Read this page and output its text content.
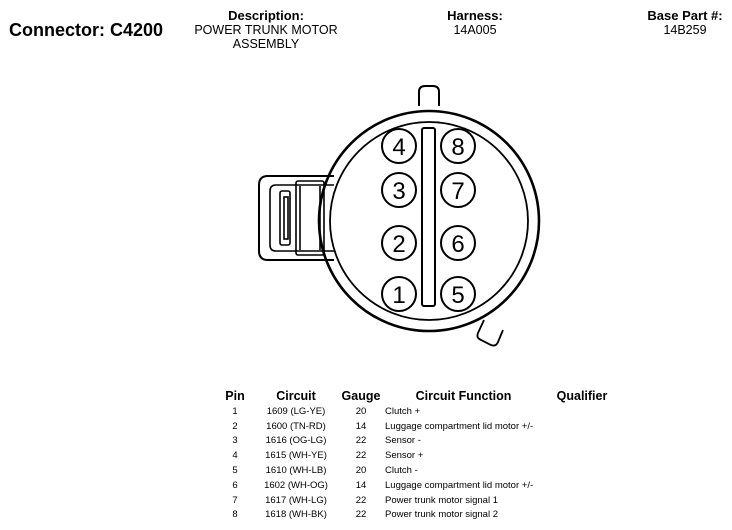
Connector: C4200
Description:
POWER TRUNK MOTOR
ASSEMBLY
Harness:
14A005
Base Part #:
14B259
4 8
3 7
2 6
1 5
Pin	Circuit	Gauge	Circuit Function	Qualifier
1	1609 (LG-YE)	20	Clutch +	
2	1600 (TN-RD)	14	Luggage compartment lid motor +/-	
3	1616 (OG-LG)	22	Sensor -	
4	1615 (WH-YE)	22	Sensor +	
5	1610 (WH-LB)	20	Clutch -	
6	1602 (WH-OG)	14	Luggage compartment lid motor +/-	
7	1617 (WH-LG)	22	Power trunk motor signal 1	
8	1618 (WH-BK)	22	Power trunk motor signal 2	
